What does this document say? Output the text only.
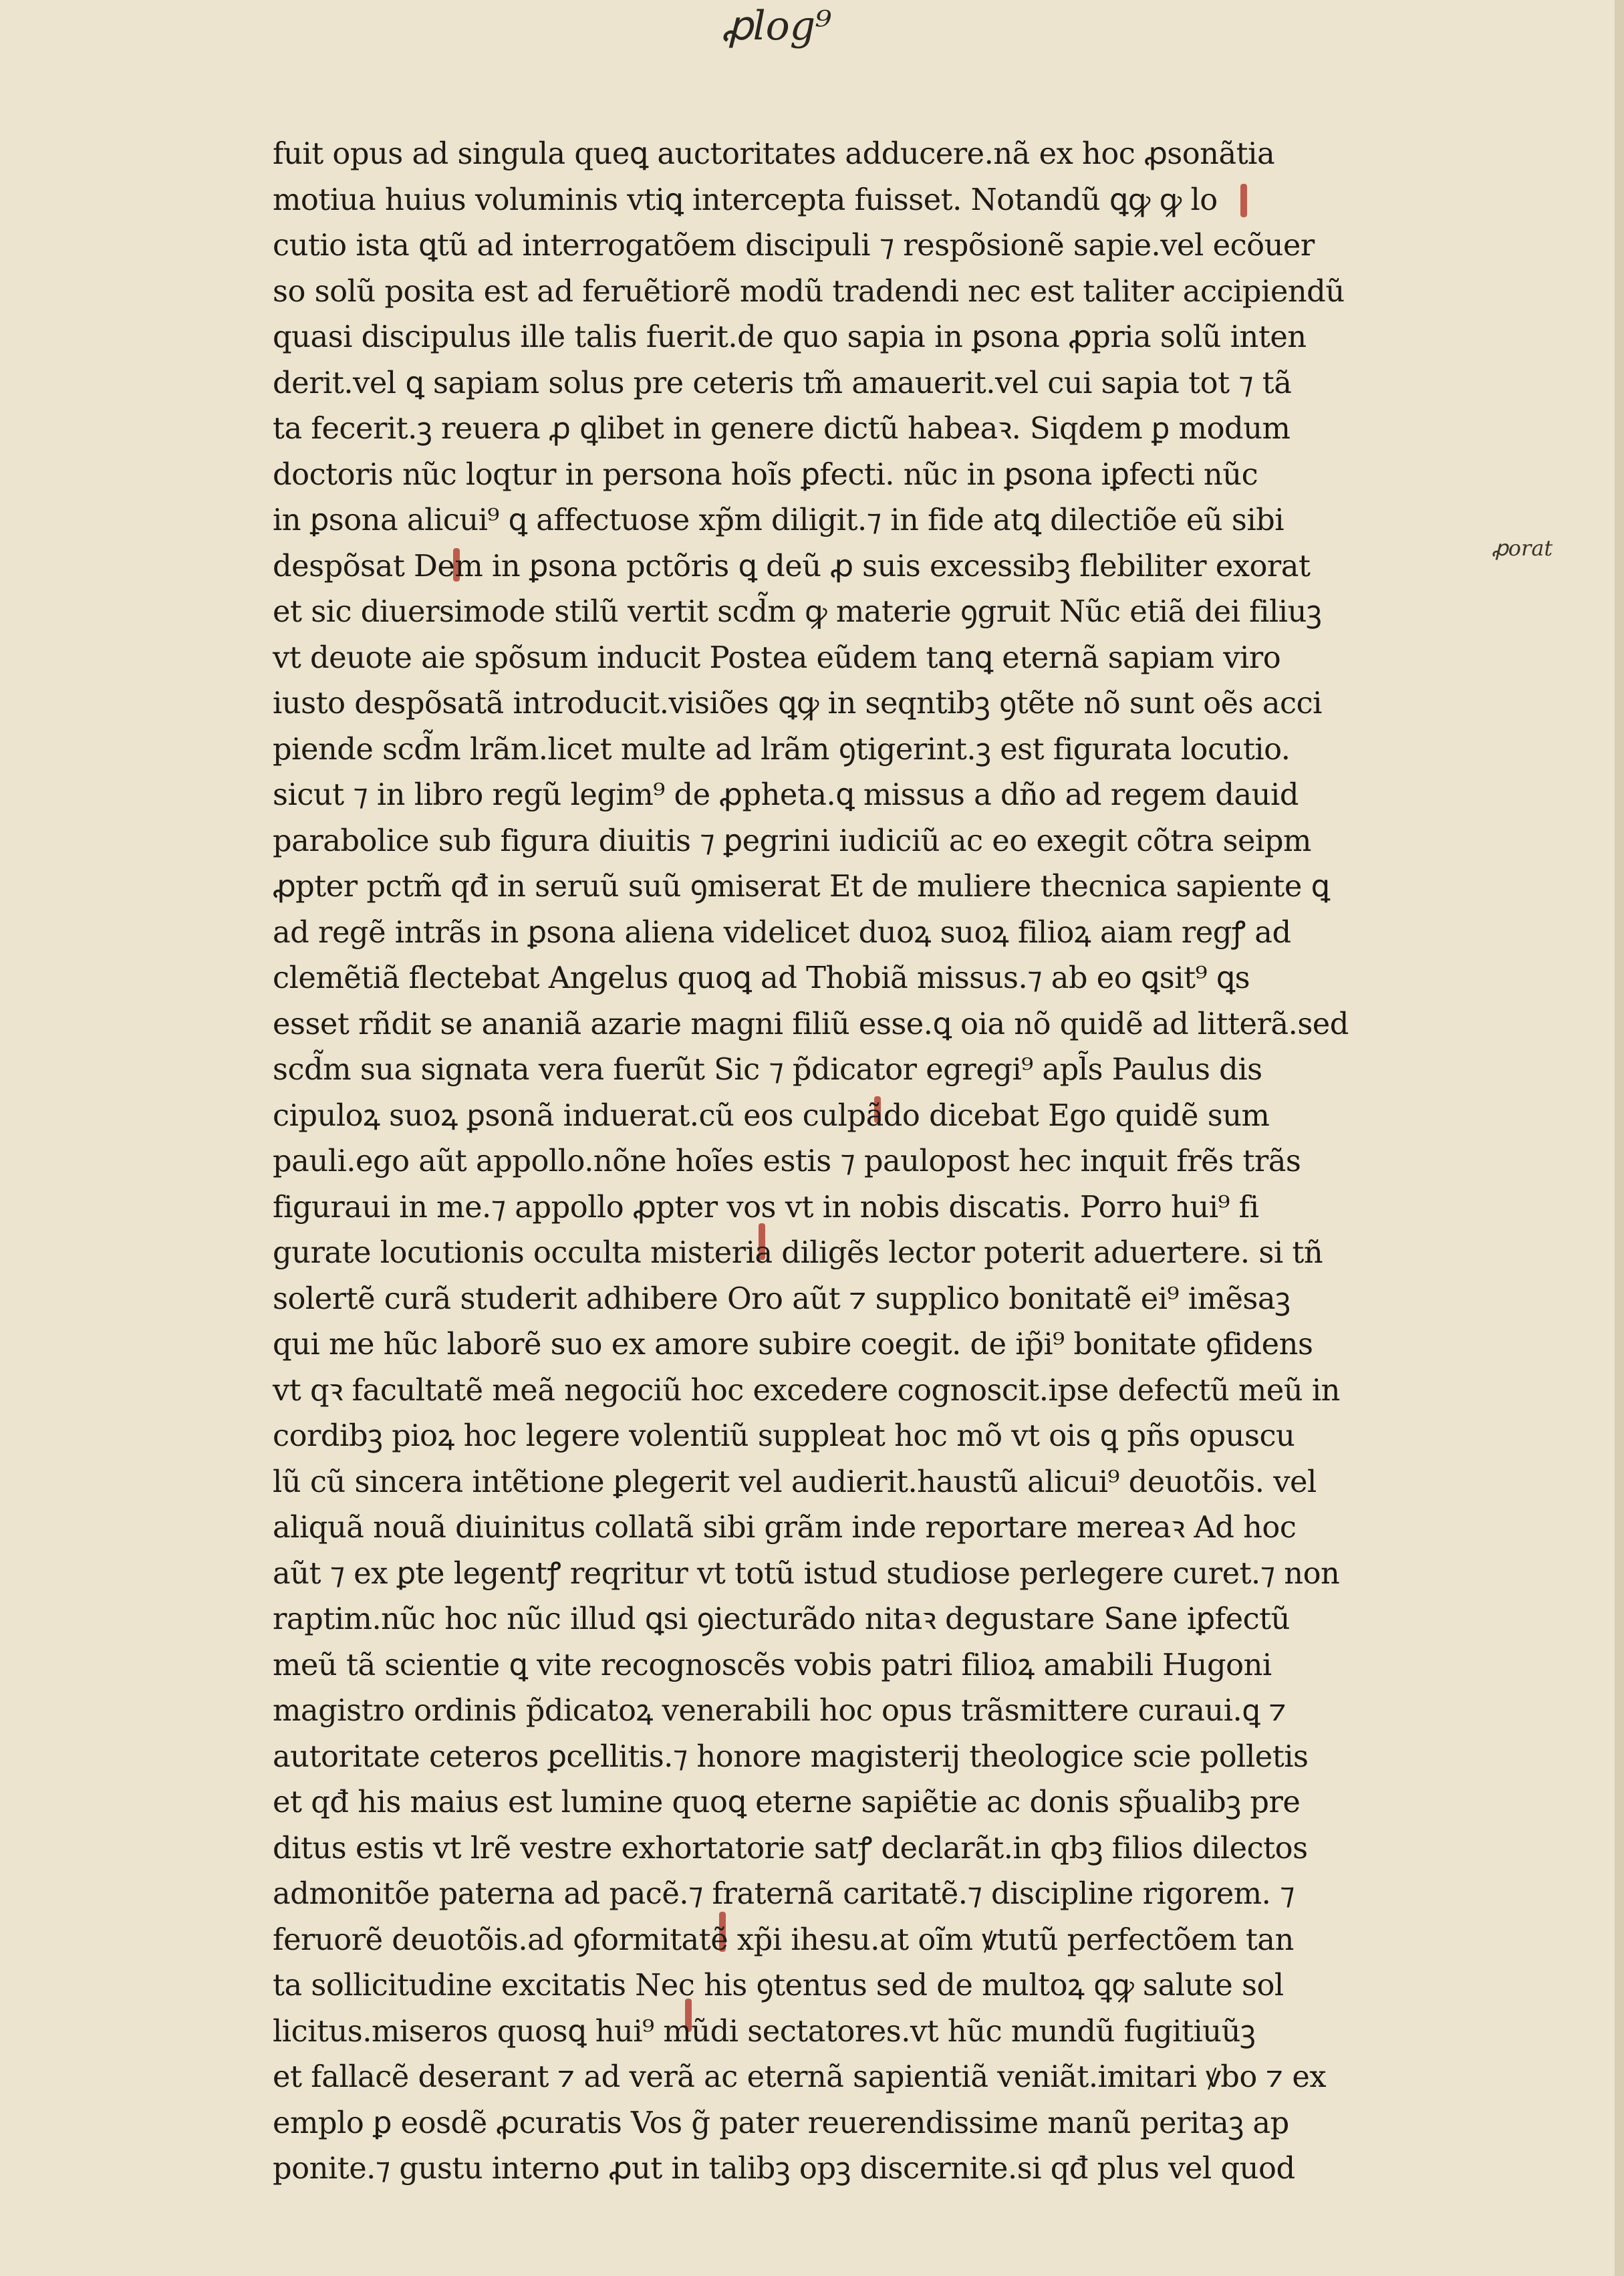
ꝓlog⁹
fuit opus ad singula queꝗ auctoritates adducere.nã ex hoc ꝓsonãtia
motiua huius voluminis vtiꝗ intercepta fuisset. Notandũ ꝗꝙ ꝙ lo
cutio ista ꝗtũ ad interrogatõem discipuli ⁊ respõsionẽ sapie.vel ecõuer
so solũ posita est ad feruẽtiorẽ modũ tradendi nec est taliter accipiendũ
quasi discipulus ille talis fuerit.de quo sapia in ꝑsona ꝓpria solũ inten
derit.vel ꝗ sapiam solus pre ceteris tm̃ amauerit.vel cui sapia tot ⁊ tã
ta fecerit.ꝫ reuera ꝓ ꝗlibet in genere dictũ habeaꝛ. Siqdem ꝑ modum
doctoris nũc loqtur in persona hoĩs ꝑfecti. nũc in ꝑsona iꝑfecti nũc
in ꝑsona alicui⁹ ꝗ affectuose xp̃m diligit.⁊ in fide atꝗ dilectiõe eũ sibi
despõsat Dem in ꝑsona pctõris ꝗ deũ ꝓ suis excessibꝫ flebiliter exorat
et sic diuersimode stilũ vertit scd̃m ꝙ materie ꝯgruit Nũc etiã dei filiuꝫ
vt deuote aie spõsum inducit Postea eũdem tanꝗ eternã sapiam viro
iusto despõsatã introducit.visiões ꝗꝙ in seqntibꝫ ꝯtẽte nõ sunt oẽs acci
piende scd̃m lrãm.licet multe ad lrãm ꝯtigerint.ꝫ est figurata locutio.
sicut ⁊ in libro regũ legim⁹ de ꝓpheta.ꝗ missus a dño ad regem dauid
parabolice sub figura diuitis ⁊ ꝑegrini iudiciũ ac eo exegit cõtra seipm
ꝓpter pctm̃ qđ in seruũ suũ ꝯmiserat Et de muliere thecnica sapiente ꝗ
ad regẽ intrãs in ꝑsona aliena videlicet duoꝝ suoꝝ filioꝝ aiam regꝭ ad
clemẽtiã flectebat Angelus quoꝗ ad Thobiã missus.⁊ ab eo ꝗsit⁹ ꝗs
esset rñdit se ananiã azarie magni filiũ esse.ꝗ oia nõ quidẽ ad litterã.sed
scd̃m sua signata vera fuerũt Sic ⁊ p̃dicator egregi⁹ apl̃s Paulus dis
cipuloꝝ suoꝝ ꝑsonã induerat.cũ eos culpãdo dicebat Ego quidẽ sum
pauli.ego aũt appollo.nõne hoĩes estis ⁊ paulopost hec inquit frẽs trãs
figuraui in me.⁊ appollo ꝓpter vos vt in nobis discatis. Porro hui⁹ fi
gurate locutionis occulta misteria diligẽs lector poterit aduertere. si tñ
solertẽ curã studerit adhibere Oro aũt ⁊ supplico bonitatẽ ei⁹ imẽsaꝫ
qui me hũc laborẽ suo ex amore subire coegit. de ip̃i⁹ bonitate ꝯfidens
vt qꝛ facultatẽ meã negociũ hoc excedere cognoscit.ipse defectũ meũ in
cordibꝫ pioꝝ hoc legere volentiũ suppleat hoc mõ vt ois ꝗ pñs opuscu
lũ cũ sincera intẽtione ꝑlegerit vel audierit.haustũ alicui⁹ deuotõis. vel
aliquã nouã diuinitus collatã sibi grãm inde reportare mereaꝛ Ad hoc
aũt ⁊ ex ꝑte legentꝭ reqritur vt totũ istud studiose perlegere curet.⁊ non
raptim.nũc hoc nũc illud ꝗsi ꝯiecturãdo nitaꝛ degustare Sane iꝑfectũ
meũ tã scientie ꝗ vite recognoscẽs vobis patri filioꝝ amabili Hugoni
magistro ordinis p̃dicatoꝝ venerabili hoc opus trãsmittere curaui.ꝗ ⁊
autoritate ceteros ꝑcellitis.⁊ honore magisterij theologice scie polletis
et qđ his maius est lumine quoꝗ eterne sapiẽtie ac donis sp̃ualibꝫ pre
ditus estis vt lrẽ vestre exhortatorie satꝭ declarãt.in qbꝫ filios dilectos
admonitõe paterna ad pacẽ.⁊ fraternã caritatẽ.⁊ discipline rigorem. ⁊
feruorẽ deuotõis.ad ꝯformitatẽ xp̃i ihesu.at oĩm ꝟtutũ perfectõem tan
ta sollicitudine excitatis Nec his ꝯtentus sed de multoꝝ ꝗꝙ salute sol
licitus.miseros quosꝗ hui⁹ mũdi sectatores.vt hũc mundũ fugitiuũꝫ
et fallacẽ deserant ⁊ ad verã ac eternã sapientiã veniãt.imitari ꝟbo ⁊ ex
emplo ꝑ eosdẽ ꝓcuratis Vos g̃ pater reuerendissime manũ peritaꝫ ap
ponite.⁊ gustu interno ꝓut in talibꝫ opꝫ discernite.si qđ plus vel quod
ꝓorat
